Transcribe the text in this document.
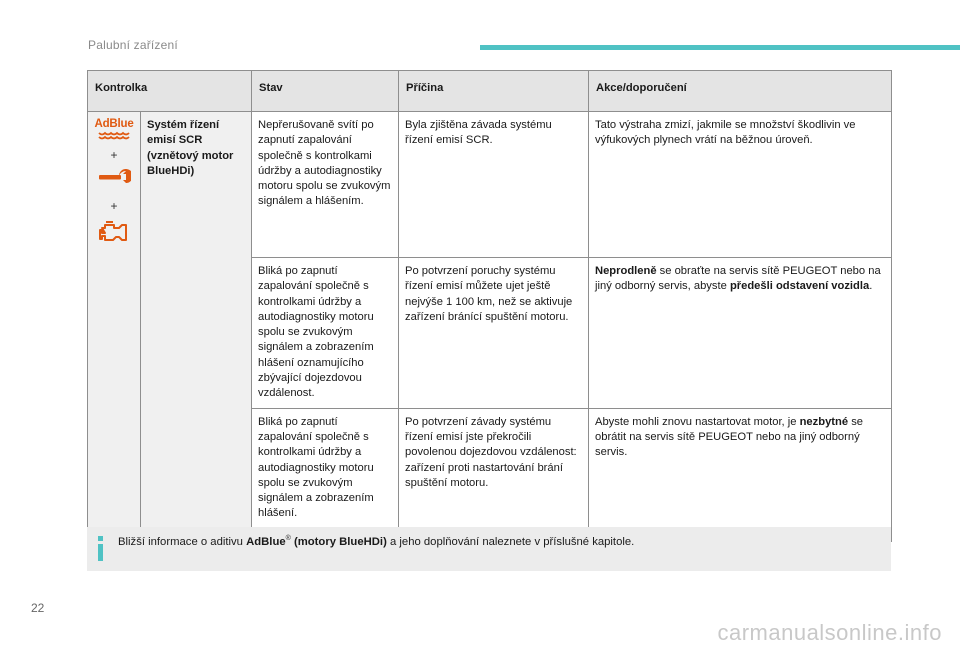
Palubní zařízení
Kontrolka		Stav	Příčina	Akce/doporučení

AdBlue
+
+	Systém řízení emisí SCR (vznětový motor BlueHDi)	Nepřerušovaně svítí po zapnutí zapalování společně s kontrolkami údržby a autodiagnostiky motoru spolu se zvukovým signálem a hlášením.	Byla zjištěna závada systému řízení emisí SCR.	Tato výstraha zmizí, jakmile se množství škodlivin ve výfukových plynech vrátí na běžnou úroveň.
		Bliká po zapnutí zapalování společně s kontrolkami údržby a autodiagnostiky motoru spolu se zvukovým signálem a zobrazením hlášení oznamujícího zbývající dojezdovou vzdálenost.	Po potvrzení poruchy systému řízení emisí můžete ujet ještě nejvýše 1 100 km, než se aktivuje zařízení bránící spuštění motoru.	Neprodleně se obraťte na servis sítě PEUGEOT nebo na jiný odborný servis, abyste předešli odstavení vozidla.
		Bliká po zapnutí zapalování společně s kontrolkami údržby a autodiagnostiky motoru spolu se zvukovým signálem a zobrazením hlášení.	Po potvrzení závady systému řízení emisí jste překročili povolenou dojezdovou vzdálenost: zařízení proti nastartování brání spuštění motoru.	Abyste mohli znovu nastartovat motor, je nezbytné se obrátit na servis sítě PEUGEOT nebo na jiný odborný servis.
Bližší informace o aditivu AdBlue® (motory BlueHDi) a jeho doplňování naleznete v příslušné kapitole.
22
carmanualsonline.info
